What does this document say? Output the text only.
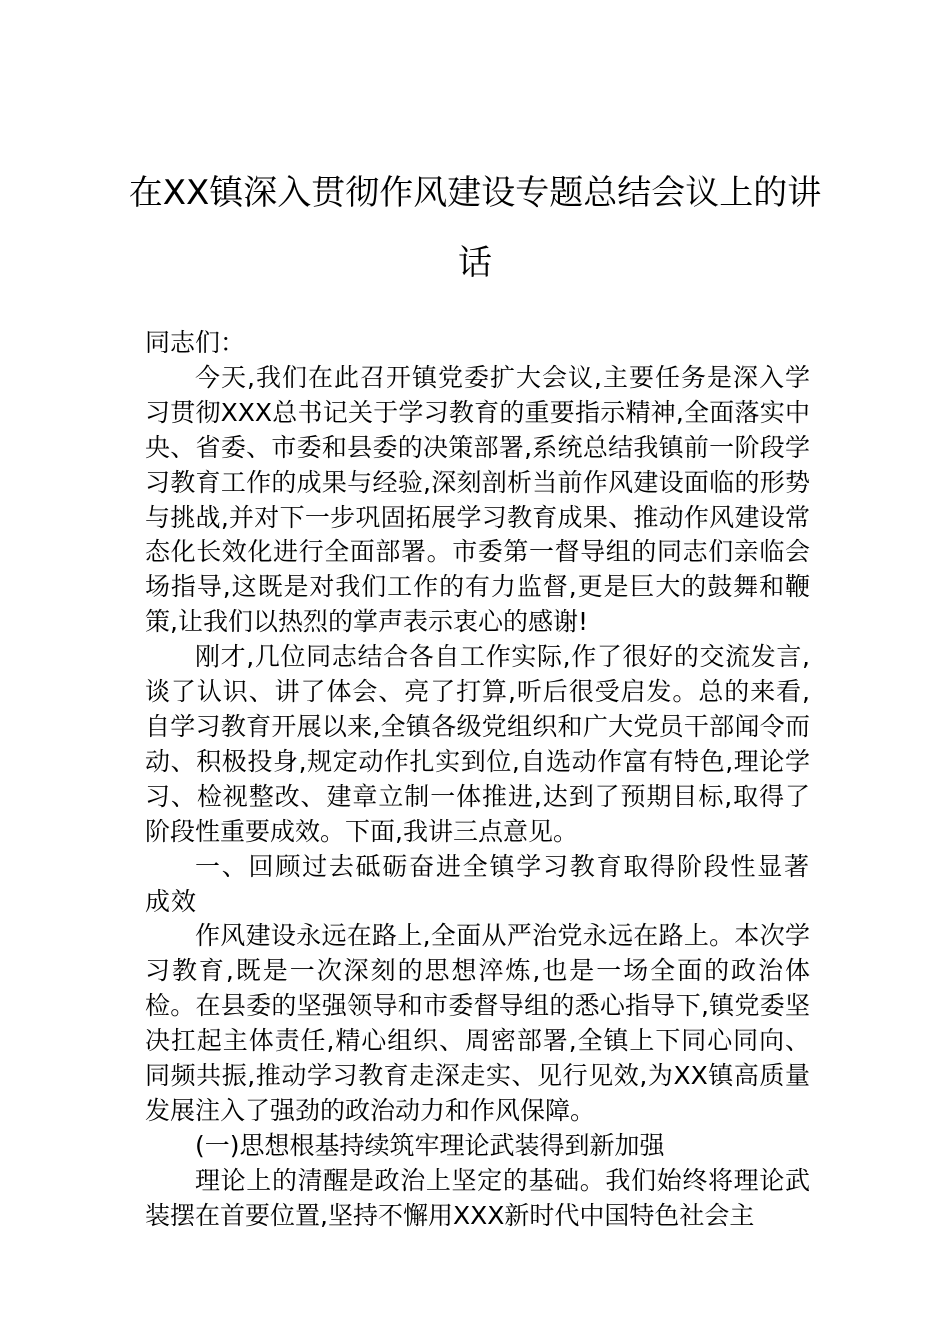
在XX镇深入贯彻作风建设专题总结会议上的讲话

同志们：

今天,我们在此召开镇党委扩大会议,主要任务是深入学习贯彻XXX总书记关于学习教育的重要指示精神,全面落实中央、省委、市委和县委的决策部署,系统总结我镇前一阶段学习教育工作的成果与经验,深刻剖析当前作风建设面临的形势与挑战,并对下一步巩固拓展学习教育成果、推动作风建设常态化长效化进行全面部署。市委第一督导组的同志们亲临会场指导,这既是对我们工作的有力监督,更是巨大的鼓舞和鞭策,让我们以热烈的掌声表示衷心的感谢!

刚才,几位同志结合各自工作实际,作了很好的交流发言,谈了认识、讲了体会、亮了打算,听后很受启发。总的来看,自学习教育开展以来,全镇各级党组织和广大党员干部闻令而动、积极投身,规定动作扎实到位,自选动作富有特色,理论学习、检视整改、建章立制一体推进,达到了预期目标,取得了阶段性重要成效。下面,我讲三点意见。

一、回顾过去砥砺奋进全镇学习教育取得阶段性显著成效

作风建设永远在路上,全面从严治党永远在路上。本次学习教育,既是一次深刻的思想淬炼,也是一场全面的政治体检。在县委的坚强领导和市委督导组的悉心指导下,镇党委坚决扛起主体责任,精心组织、周密部署,全镇上下同心同向、同频共振,推动学习教育走深走实、见行见效,为XX镇高质量发展注入了强劲的政治动力和作风保障。

(一)思想根基持续筑牢理论武装得到新加强

理论上的清醒是政治上坚定的基础。我们始终将理论武装摆在首要位置,坚持不懈用XXX新时代中国特色社会主
